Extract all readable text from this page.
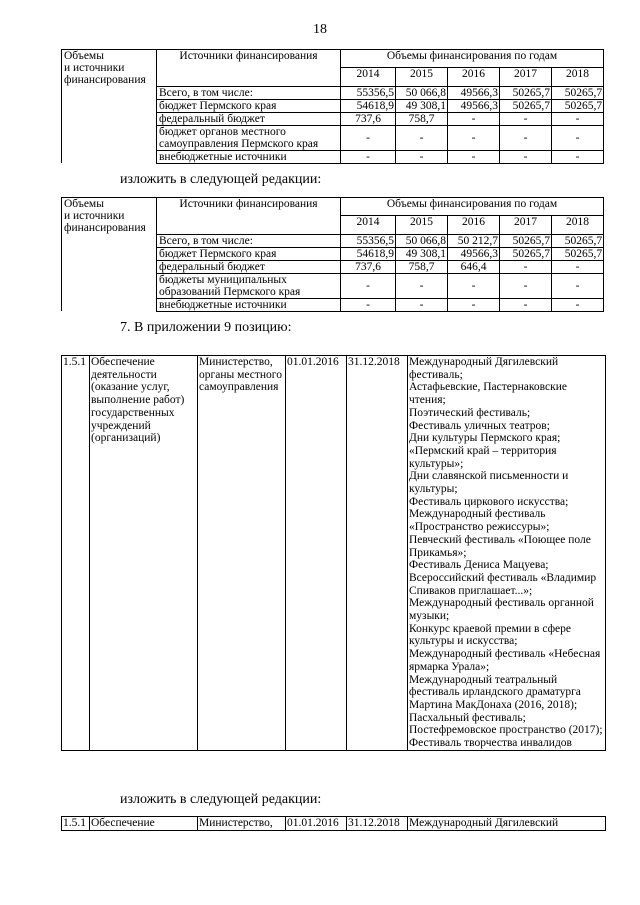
18
Объемы
и источники
финансирования	Источники финансирования	Объемы финансирования по годам				
		2014	2015	2016	2017	2018
	Всего, в том числе:	55356,5	50 066,8	49566,3	50265,7	50265,7
	бюджет Пермского края	54618,9	49 308,1	49566,3	50265,7	50265,7
	федеральный бюджет	737,6	758,7	-	-	-
	бюджет органов местного самоуправления Пермского края	-	-	-	-	-
	внебюджетные источники	-	-	-	-	-
изложить в следующей редакции:
Объемы
и источники
финансирования	Источники финансирования	Объемы финансирования по годам				
		2014	2015	2016	2017	2018
	Всего, в том числе:	55356,5	50 066,8	50 212,7	50265,7	50265,7
	бюджет Пермского края	54618,9	49 308,1	49566,3	50265,7	50265,7
	федеральный бюджет	737,6	758,7	646,4	-	-
	бюджеты муниципальных образований Пермского края	-	-	-	-	-
	внебюджетные источники	-	-	-	-	-
7. В приложении 9 позицию:
1.5.1	Обеспечение деятельности (оказание услуг, выполнение работ) государственных учреждений (организаций)	Министерство, органы местного самоуправления	01.01.2016	31.12.2018	Международный Дягилевский фестиваль;
Астафьевские, Пастернаковские чтения;
Поэтический фестиваль;
Фестиваль уличных театров;
Дни культуры Пермского края;
«Пермский край – территория культуры»;
Дни славянской письменности и культуры;
Фестиваль циркового искусства;
Международный фестиваль «Пространство режиссуры»;
Певческий фестиваль «Поющее поле Прикамья»;
Фестиваль Дениса Мацуева;
Всероссийский фестиваль «Владимир Спиваков приглашает...»;
Международный фестиваль органной музыки;
Конкурс краевой премии в сфере культуры и искусства;
Международный фестиваль «Небесная ярмарка Урала»;
Международный театральный фестиваль ирландского драматурга Мартина МакДонаха (2016, 2018);
Пасхальный фестиваль;
Постефремовское пространство (2017);
Фестиваль творчества инвалидов
изложить в следующей редакции:
1.5.1	Обеспечение	Министерство,	01.01.2016	31.12.2018	Международный Дягилевский
